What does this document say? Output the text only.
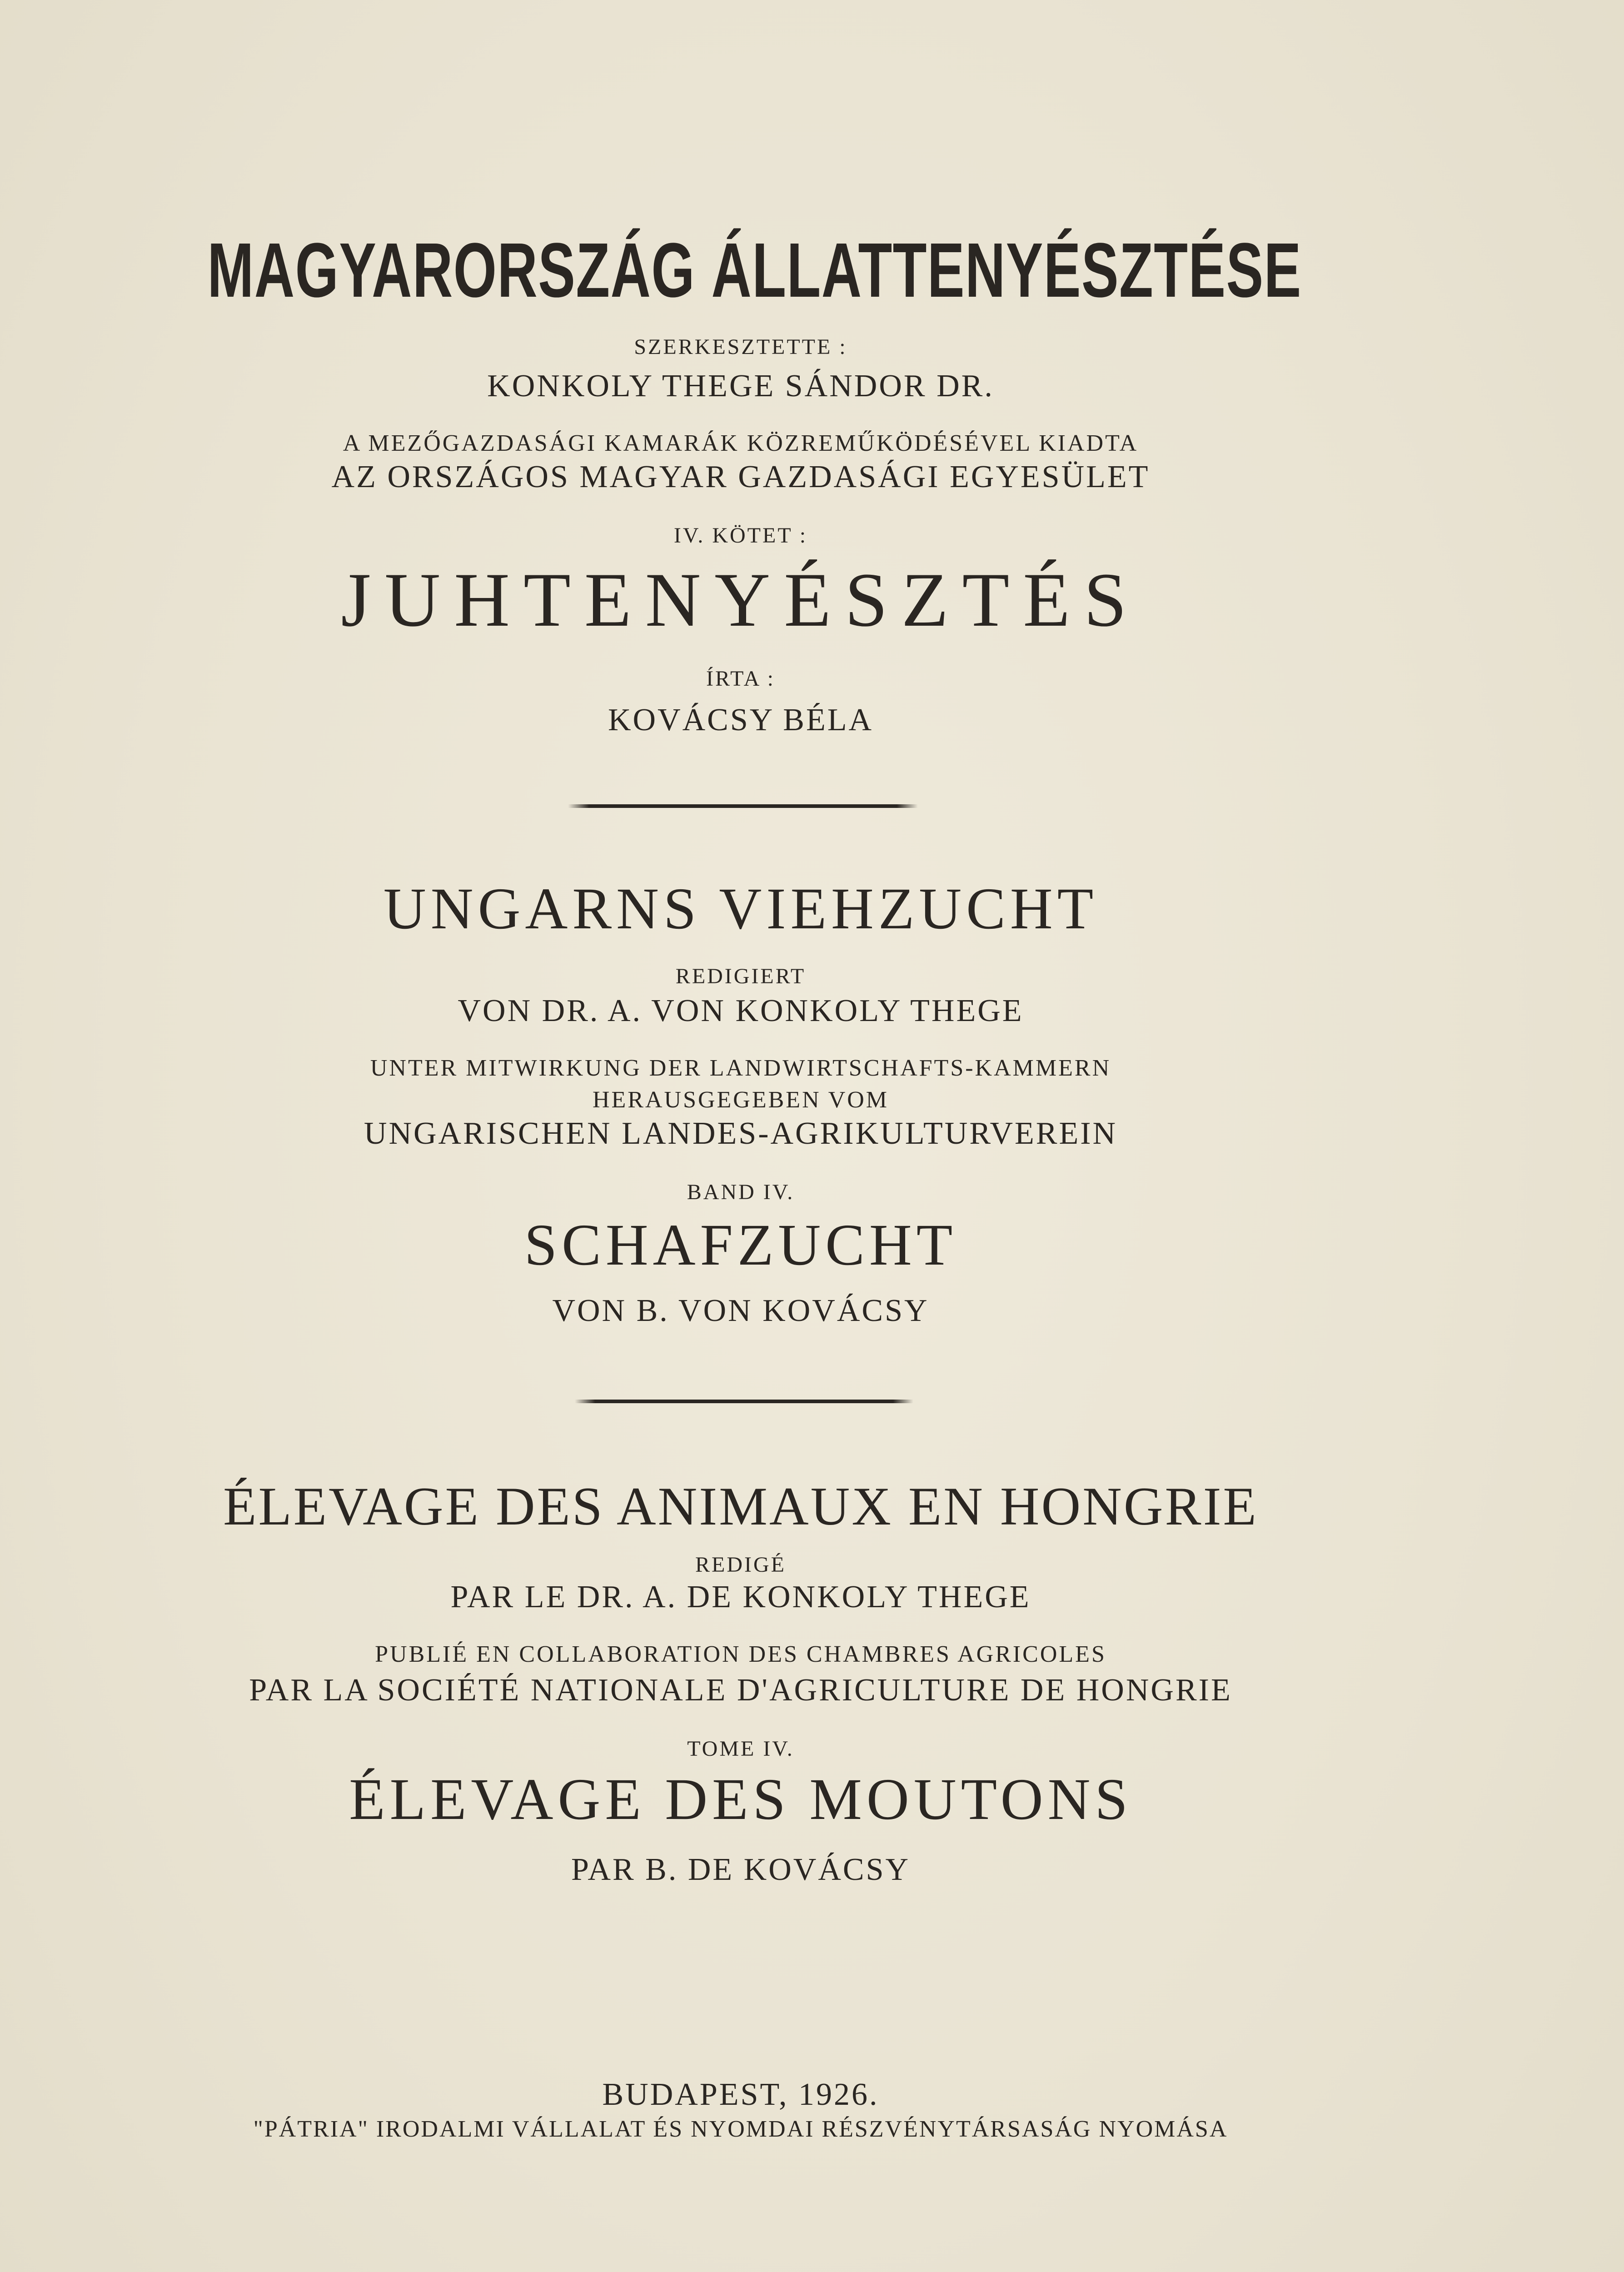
MAGYARORSZÁG ÁLLATTENYÉSZTÉSE
SZERKESZTETTE :
KONKOLY THEGE SÁNDOR DR.
A MEZŐGAZDASÁGI KAMARÁK KÖZREMŰKÖDÉSÉVEL KIADTA
AZ ORSZÁGOS MAGYAR GAZDASÁGI EGYESÜLET
IV. KÖTET :
JUHTENYÉSZTÉS
ÍRTA :
KOVÁCSY BÉLA
UNGARNS VIEHZUCHT
REDIGIERT
VON DR. A. VON KONKOLY THEGE
UNTER MITWIRKUNG DER LANDWIRTSCHAFTS-KAMMERN
HERAUSGEGEBEN VOM
UNGARISCHEN LANDES-AGRIKULTURVEREIN
BAND IV.
SCHAFZUCHT
VON B. VON KOVÁCSY
ÉLEVAGE DES ANIMAUX EN HONGRIE
REDIGÉ
PAR LE DR. A. DE KONKOLY THEGE
PUBLIÉ EN COLLABORATION DES CHAMBRES AGRICOLES
PAR LA SOCIÉTÉ NATIONALE D'AGRICULTURE DE HONGRIE
TOME IV.
ÉLEVAGE DES MOUTONS
PAR B. DE KOVÁCSY
BUDAPEST, 1926.
"PÁTRIA" IRODALMI VÁLLALAT ÉS NYOMDAI RÉSZVÉNYTÁRSASÁG NYOMÁSA
